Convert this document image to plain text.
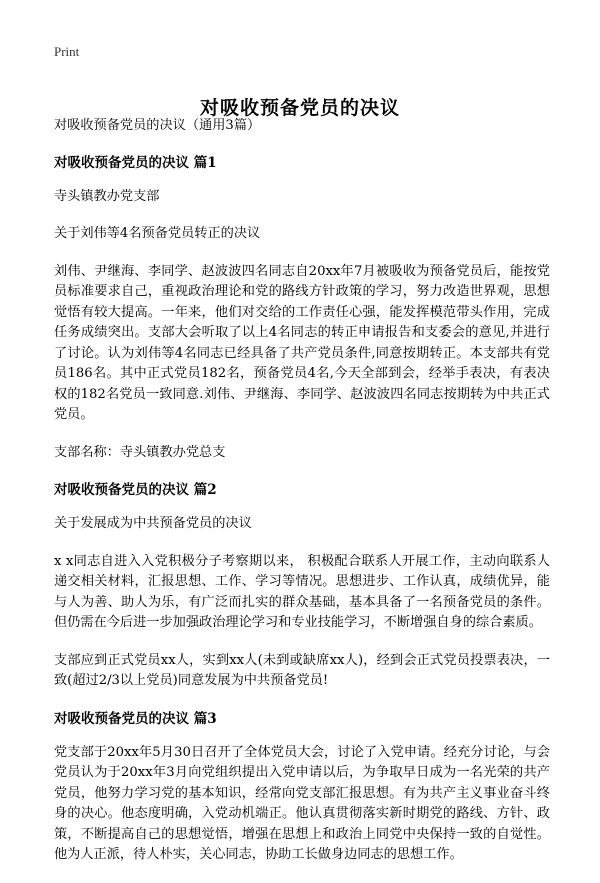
Print
对吸收预备党员的决议

对吸收预备党员的决议（通用3篇）

对吸收预备党员的决议 篇1

寺头镇教办党支部

关于刘伟等4名预备党员转正的决议

刘伟、尹继海、李同学、赵波波四名同志自20xx年7月被吸收为预备党员后，能按党员标准要求自己，重视政治理论和党的路线方针政策的学习，努力改造世界观，思想觉悟有较大提高。一年来，他们对交给的工作责任心强，能发挥模范带头作用，完成任务成绩突出。支部大会听取了以上4名同志的转正申请报告和支委会的意见,并进行了讨论。认为刘伟等4名同志已经具备了共产党员条件,同意按期转正。本支部共有党员186名。其中正式党员182名，预备党员4名,今天全部到会，经举手表决，有表决权的182名党员一致同意.刘伟、尹继海、李同学、赵波波四名同志按期转为中共正式党员。

支部名称：寺头镇教办党总支

对吸收预备党员的决议 篇2

关于发展成为中共预备党员的决议

x x同志自进入入党积极分子考察期以来， 积极配合联系人开展工作，主动向联系人递交相关材料，汇报思想、工作、学习等情况。思想进步、工作认真，成绩优异，能与人为善、助人为乐，有广泛而扎实的群众基础，基本具备了一名预备党员的条件。但仍需在今后进一步加强政治理论学习和专业技能学习，不断增强自身的综合素质。

支部应到正式党员xx人，实到xx人(未到或缺席xx人)，经到会正式党员投票表决，一致(超过2/3以上党员)同意发展为中共预备党员!

对吸收预备党员的决议 篇3

党支部于20xx年5月30日召开了全体党员大会，讨论了入党申请。经充分讨论，与会党员认为于20xx年3月向党组织提出入党申请以后，为争取早日成为一名光荣的共产党员，他努力学习党的基本知识，经常向党支部汇报思想。有为共产主义事业奋斗终身的决心。他态度明确，入党动机端正。他认真贯彻落实新时期党的路线、方针、政策，不断提高自己的思想觉悟，增强在思想上和政治上同党中央保持一致的自觉性。他为人正派，待人朴实，关心同志，协助工长做身边同志的思想工作。
